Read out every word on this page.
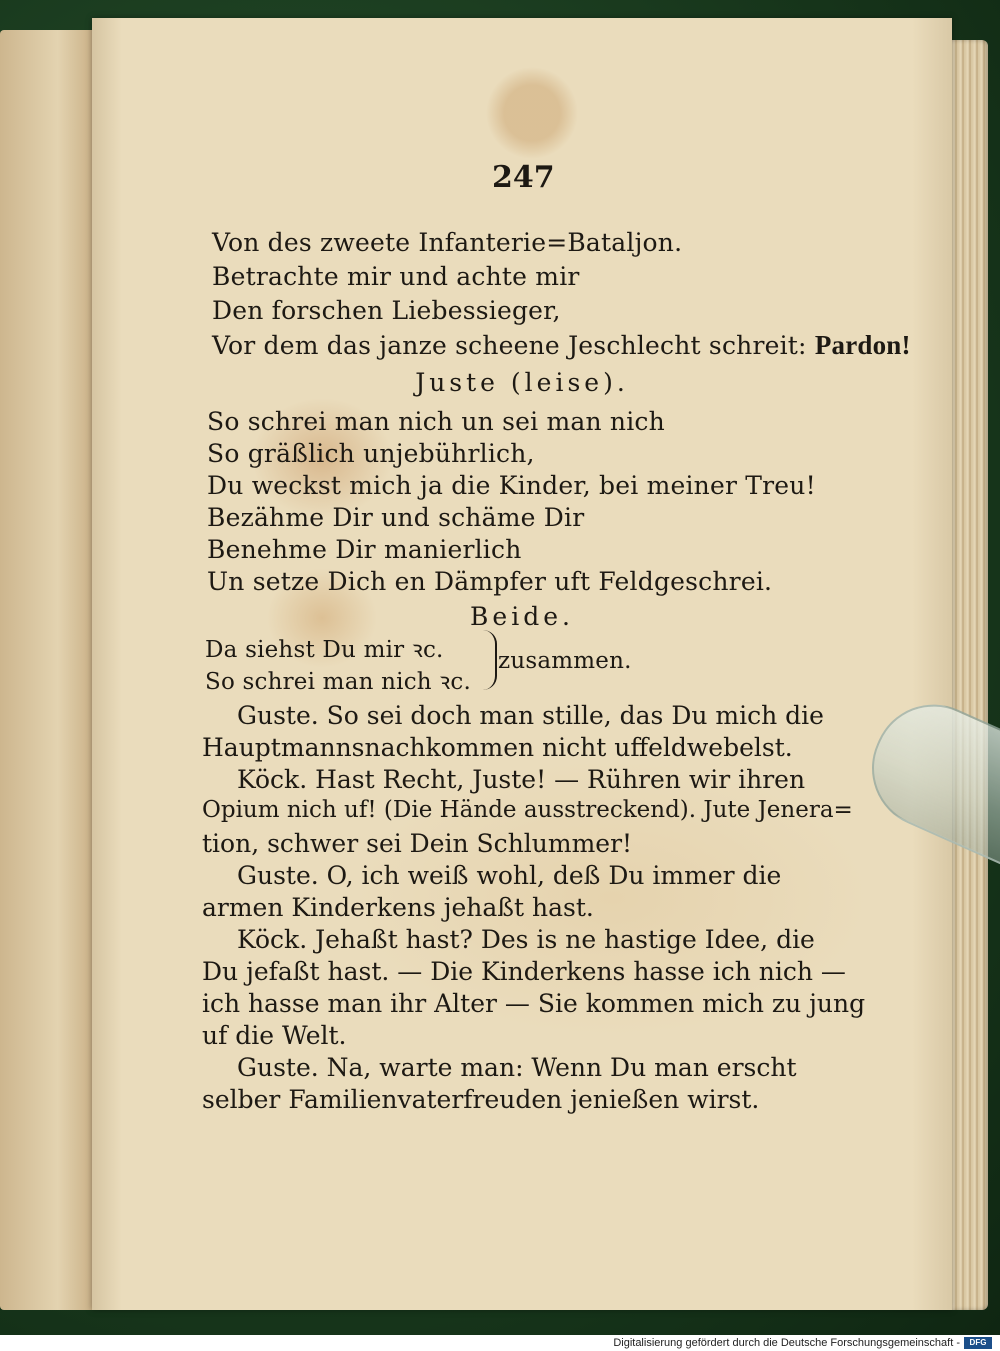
247
Von des zweete Infanterie=Bataljon.
Betrachte mir und achte mir
Den forschen Liebessieger,
Vor dem das janze scheene Jeschlecht schreit: Pardon!
Juste (leise).
So schrei man nich un sei man nich
So gräßlich unjebührlich,
Du weckst mich ja die Kinder, bei meiner Treu!
Bezähme Dir und schäme Dir
Benehme Dir manierlich
Un setze Dich en Dämpfer uft Feldgeschrei.
Beide.
Da siehst Du mir ꝛc.
So schrei man nich ꝛc.
zusammen.
Guste. So sei doch man stille, das Du mich die
Hauptmannsnachkommen nicht uffeldwebelst.
Köck. Hast Recht, Juste! — Rühren wir ihren
Opium nich uf! (Die Hände ausstreckend). Jute Jenera=
tion, schwer sei Dein Schlummer!
Guste. O, ich weiß wohl, deß Du immer die
armen Kinderkens jehaßt hast.
Köck. Jehaßt hast? Des is ne hastige Idee, die
Du jefaßt hast. — Die Kinderkens hasse ich nich —
ich hasse man ihr Alter — Sie kommen mich zu jung
uf die Welt.
Guste. Na, warte man: Wenn Du man erscht
selber Familienvaterfreuden jenießen wirst.
Digitalisierung gefördert durch die Deutsche Forschungsgemeinschaft -	DFG
